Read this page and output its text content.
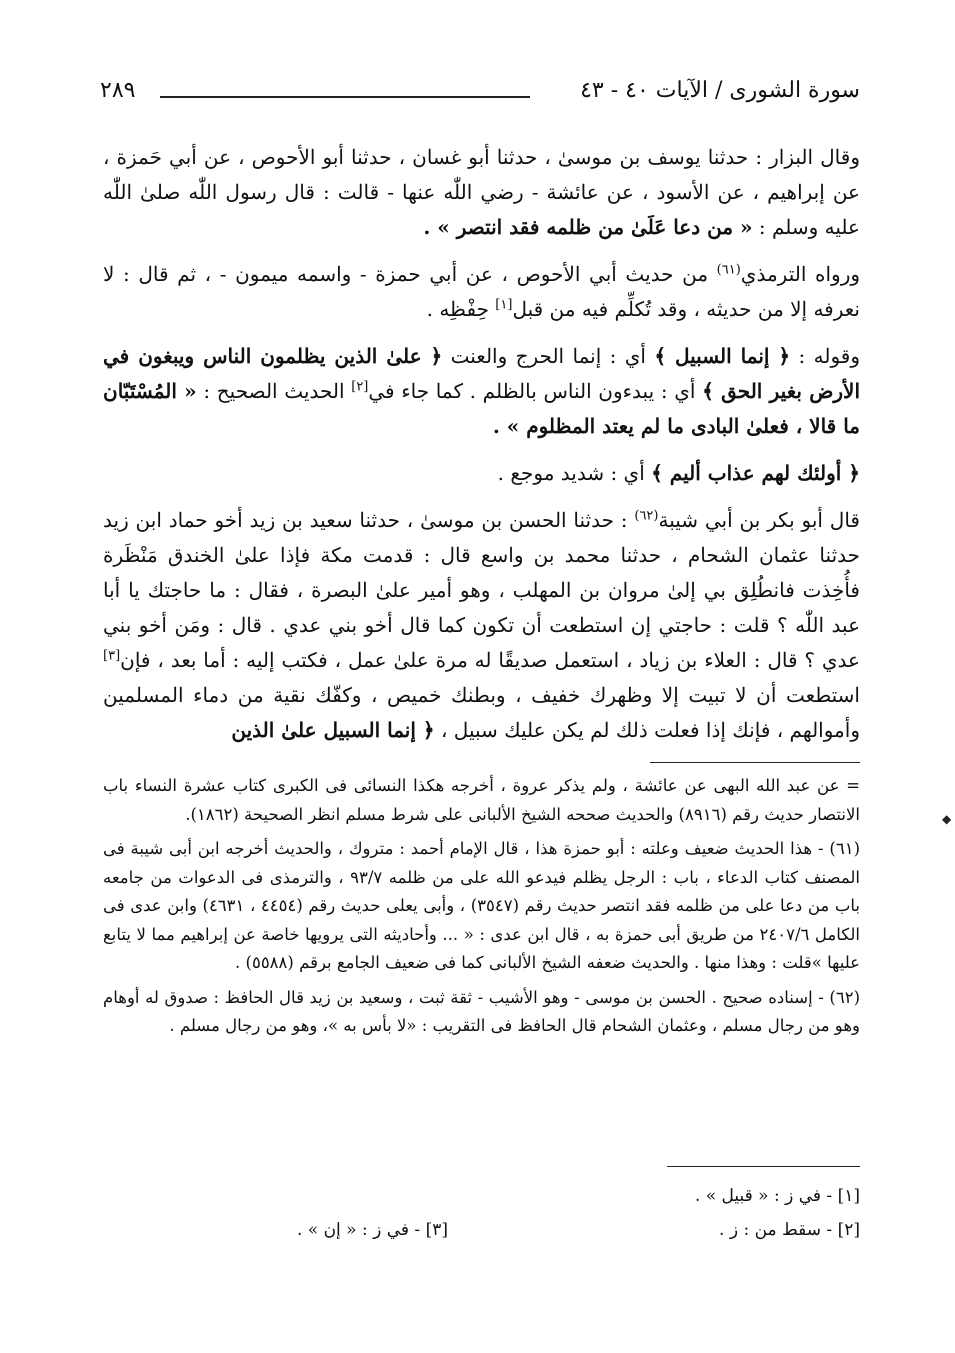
سورة الشورى / الآيات ٤٠ - ٤٣
٢٨٩
وقال البزار : حدثنا يوسف بن موسىٰ ، حدثنا أبو غسان ، حدثنا أبو الأحوص ، عن أبي حَمزة ، عن إبراهيم ، عن الأسود ، عن عائشة - رضي اللّٰه عنها - قالت : قال رسول اللّٰه صلىٰ اللّٰه عليه وسلم : « من دعا عَلَىٰ من ظلمه فقد انتصر » .
ورواه الترمذي$^{(٦١)}$ من حديث أبي الأحوص ، عن أبي حمزة - واسمه ميمون - ، ثم قال : لا نعرفه إلا من حديثه ، وقد تُكلِّم فيه من قبل[١] حِفْظِه .
وقوله : ﴿ إنما السبيل ﴾ أي : إنما الحرج والعنت ﴿ علىٰ الذين يظلمون الناس ويبغون في الأرض بغير الحق ﴾ أي : يبدءون الناس بالظلم . كما جاء في[٢] الحديث الصحيح : « المُسْتَبّان ما قالا ، فعلىٰ البادى ما لم يعتد المظلوم » .
﴿ أولئك لهم عذاب أليم ﴾ أي : شديد موجع .
قال أبو بكر بن أبي شيبة$^{(٦٢)}$ : حدثنا الحسن بن موسىٰ ، حدثنا سعيد بن زيد أخو حماد ابن زيد حدثنا عثمان الشحام ، حدثنا محمد بن واسع قال : قدمت مكة فإذا علىٰ الخندق مَنْظَرة فأُخِذت فانطُلِق بي إلىٰ مروان بن المهلب ، وهو أمير علىٰ البصرة ، فقال : ما حاجتك يا أبا عبد اللّٰه ؟ قلت : حاجتي إن استطعت أن تكون كما قال أخو بني عدي . قال : ومَن أخو بني عدي ؟ قال : العلاء بن زياد ، استعمل صديقًا له مرة علىٰ عمل ، فكتب إليه : أما بعد ، فإن[٣] استطعت أن لا تبيت إلا وظهرك خفيف ، وبطنك خميص ، وكفّك نقية من دماء المسلمين وأموالهم ، فإنك إذا فعلت ذلك لم يكن عليك سبيل ، ﴿ إنما السبيل علىٰ الذين

= عن عبد الله البهى عن عائشة ، ولم يذكر عروة ، أخرجه هكذا النسائى فى الكبرى كتاب عشرة النساء باب الانتصار حديث رقم (٨٩١٦) والحديث صححه الشيخ الألبانى على شرط مسلم انظر الصحيحة (١٨٦٢).

(٦١) - هذا الحديث ضعيف وعلته : أبو حمزة هذا ، قال الإمام أحمد : متروك ، والحديث أخرجه ابن أبى شيبة فى المصنف كتاب الدعاء ، باب : الرجل يظلم فيدعو الله على من ظلمه ٩٣/٧ ، والترمذى فى الدعوات من جامعه باب من دعا على من ظلمه فقد انتصر حديث رقم (٣٥٤٧) ، وأبى يعلى حديث رقم (٤٤٥٤ ، ٤٦٣١) وابن عدى فى الكامل ٢٤٠٧/٦ من طريق أبى حمزة به ، قال ابن عدى : « ... وأحاديثه التى يرويها خاصة عن إبراهيم مما لا يتابع عليها »قلت : وهذا منها . والحديث ضعفه الشيخ الألبانى كما فى ضعيف الجامع برقم (٥٥٨٨) .

(٦٢) - إسناده صحيح . الحسن بن موسى - وهو الأشيب - ثقة ثبت ، وسعيد بن زيد قال الحافظ : صدوق له أوهام وهو من رجال مسلم ، وعثمان الشحام قال الحافظ فى التقريب : «لا بأس به »، وهو من رجال مسلم .

[١] - في ز : « قبيل » .
[٢] - سقط من : ز .
[٣] - في ز : « إن » .
◆
